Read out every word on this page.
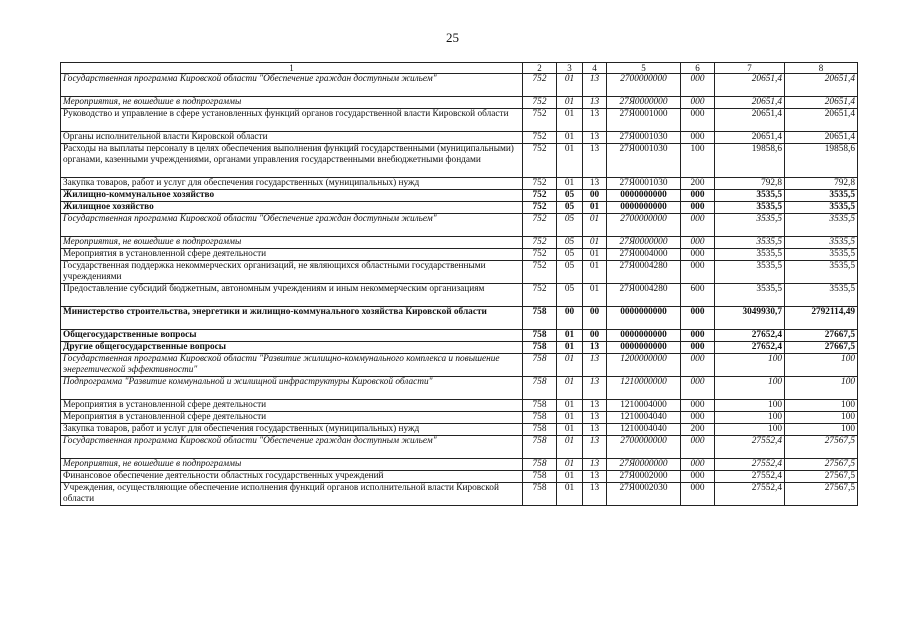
25
1	2	3	4	5	6	7	8
Государственная программа Кировской области "Обеспечение граждан доступным жильем"	752	01	13	2700000000	000	20651,4	20651,4
Мероприятия, не вошедшие в подпрограммы	752	01	13	27Я0000000	000	20651,4	20651,4
Руководство и управление в сфере установленных функций органов государственной власти Кировской области	752	01	13	27Я0001000	000	20651,4	20651,4
Органы исполнительной власти Кировской области	752	01	13	27Я0001030	000	20651,4	20651,4
Расходы на выплаты персоналу в целях обеспечения выполнения функций государственными (муниципальными) органами, казенными учреждениями, органами управления государственными внебюджетными фондами	752	01	13	27Я0001030	100	19858,6	19858,6
Закупка товаров, работ и услуг для обеспечения государственных (муниципальных) нужд	752	01	13	27Я0001030	200	792,8	792,8
Жилищно-коммунальное хозяйство	752	05	00	0000000000	000	3535,5	3535,5
Жилищное хозяйство	752	05	01	0000000000	000	3535,5	3535,5
Государственная программа Кировской области "Обеспечение граждан доступным жильем"	752	05	01	2700000000	000	3535,5	3535,5
Мероприятия, не вошедшие в подпрограммы	752	05	01	27Я0000000	000	3535,5	3535,5
Мероприятия в установленной сфере деятельности	752	05	01	27Я0004000	000	3535,5	3535,5
Государственная поддержка некоммерческих организаций, не являющихся областными государственными учреждениями	752	05	01	27Я0004280	000	3535,5	3535,5
Предоставление субсидий бюджетным, автономным учреждениям и иным некоммерческим организациям	752	05	01	27Я0004280	600	3535,5	3535,5
Министерство строительства, энергетики и жилищно-коммунального хозяйства Кировской области	758	00	00	0000000000	000	3049930,7	2792114,49
Общегосударственные вопросы	758	01	00	0000000000	000	27652,4	27667,5
Другие общегосударственные вопросы	758	01	13	0000000000	000	27652,4	27667,5
Государственная программа Кировской области "Развитие жилищно-коммунального комплекса и повышение энергетической эффективности"	758	01	13	1200000000	000	100	100
Подпрограмма "Развитие коммунальной и жилищной инфраструктуры Кировской области"	758	01	13	1210000000	000	100	100
Мероприятия в установленной сфере деятельности	758	01	13	1210004000	000	100	100
Мероприятия в установленной сфере деятельности	758	01	13	1210004040	000	100	100
Закупка товаров, работ и услуг для обеспечения государственных (муниципальных) нужд	758	01	13	1210004040	200	100	100
Государственная программа Кировской области "Обеспечение граждан доступным жильем"	758	01	13	2700000000	000	27552,4	27567,5
Мероприятия, не вошедшие в подпрограммы	758	01	13	27Я0000000	000	27552,4	27567,5
Финансовое обеспечение деятельности областных государственных учреждений	758	01	13	27Я0002000	000	27552,4	27567,5
Учреждения, осуществляющие обеспечение исполнения функций органов исполнительной власти Кировской области	758	01	13	27Я0002030	000	27552,4	27567,5
